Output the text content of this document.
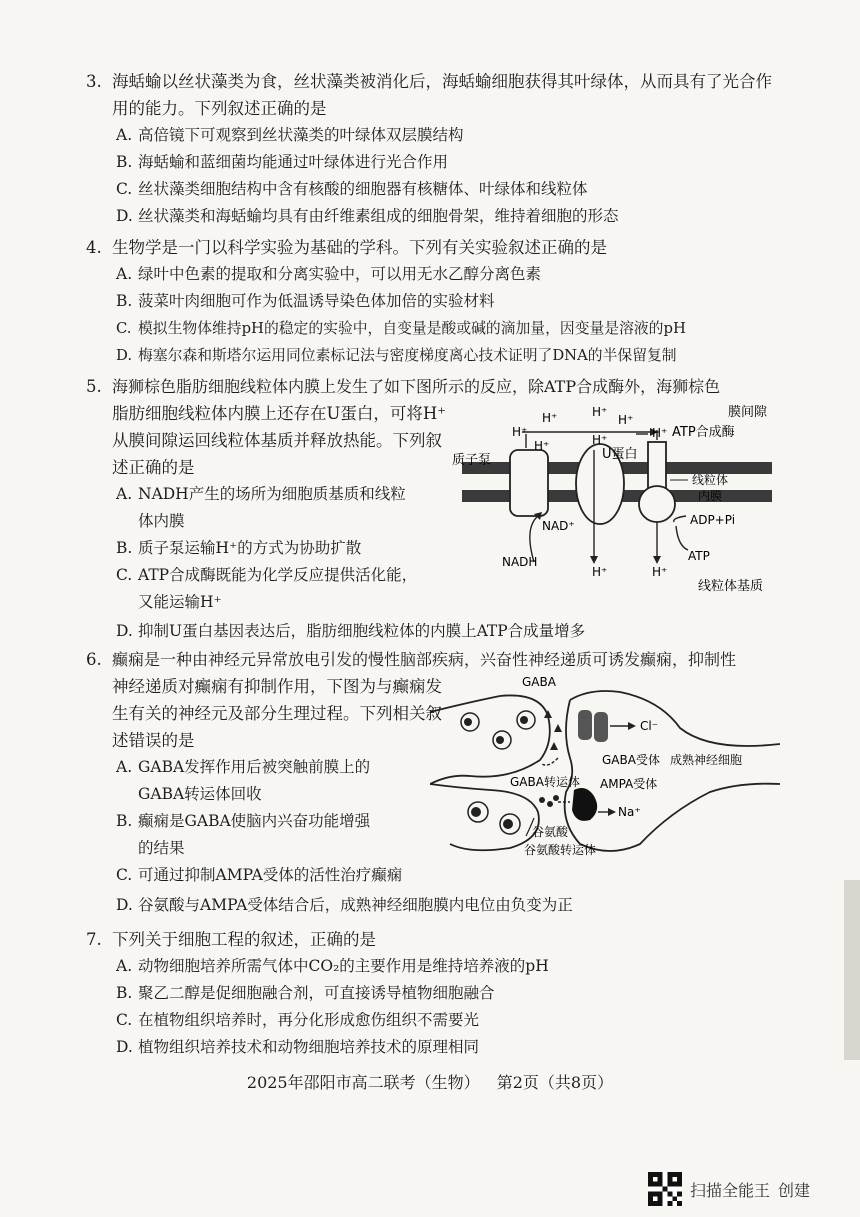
3. 海蛞蝓以丝状藻类为食，丝状藻类被消化后，海蛞蝓细胞获得其叶绿体，从而具有了光合作用的能力。下列叙述正确的是
A. 高倍镜下可观察到丝状藻类的叶绿体双层膜结构
B. 海蛞蝓和蓝细菌均能通过叶绿体进行光合作用
C. 丝状藻类细胞结构中含有核酸的细胞器有核糖体、叶绿体和线粒体
D. 丝状藻类和海蛞蝓均具有由纤维素组成的细胞骨架，维持着细胞的形态
4. 生物学是一门以科学实验为基础的学科。下列有关实验叙述正确的是
A. 绿叶中色素的提取和分离实验中，可以用无水乙醇分离色素
B. 菠菜叶肉细胞可作为低温诱导染色体加倍的实验材料
C. 模拟生物体维持pH的稳定的实验中，自变量是酸或碱的滴加量，因变量是溶液的pH
D. 梅塞尔森和斯塔尔运用同位素标记法与密度梯度离心技术证明了DNA的半保留复制
5. 海狮棕色脂肪细胞线粒体内膜上发生了如下图所示的反应，除ATP合成酶外，海狮棕色
脂肪细胞线粒体内膜上还存在U蛋白，可将H⁺从膜间隙运回线粒体基质并释放热能。下列叙述正确的是
A. NADH产生的场所为细胞质基质和线粒
体内膜
B. 质子泵运输H⁺的方式为协助扩散
C. ATP合成酶既能为化学反应提供活化能，
又能运输H⁺
D. 抑制U蛋白基因表达后，脂肪细胞线粒体的内膜上ATP合成量增多
膜间隙
H⁺	H⁺
H⁺
H⁺
H⁺	H⁺	H⁺
U蛋白
ATP合成酶
质子泵
线粒体
内膜
NAD⁺	ADP+Pi
NADH	ATP
H⁺	H⁺
线粒体基质
6. 癫痫是一种由神经元异常放电引发的慢性脑部疾病，兴奋性神经递质可诱发癫痫，抑制性
神经递质对癫痫有抑制作用，下图为与癫痫发生有关的神经元及部分生理过程。下列相关叙述错误的是
A. GABA发挥作用后被突触前膜上的
GABA转运体回收
B. 癫痫是GABA使脑内兴奋功能增强
的结果
C. 可通过抑制AMPA受体的活性治疗癫痫
D. 谷氨酸与AMPA受体结合后，成熟神经细胞膜内电位由负变为正
GABA
Cl⁻
GABA受体 成熟神经细胞
GABA转运体 AMPA受体
Na⁺
谷氨酸
谷氨酸转运体
7. 下列关于细胞工程的叙述，正确的是
A. 动物细胞培养所需气体中CO₂的主要作用是维持培养液的pH
B. 聚乙二醇是促细胞融合剂，可直接诱导植物细胞融合
C. 在植物组织培养时，再分化形成愈伤组织不需要光
D. 植物组织培养技术和动物细胞培养技术的原理相同
2025年邵阳市高二联考（生物） 第2页（共8页）
扫描全能王 创建
